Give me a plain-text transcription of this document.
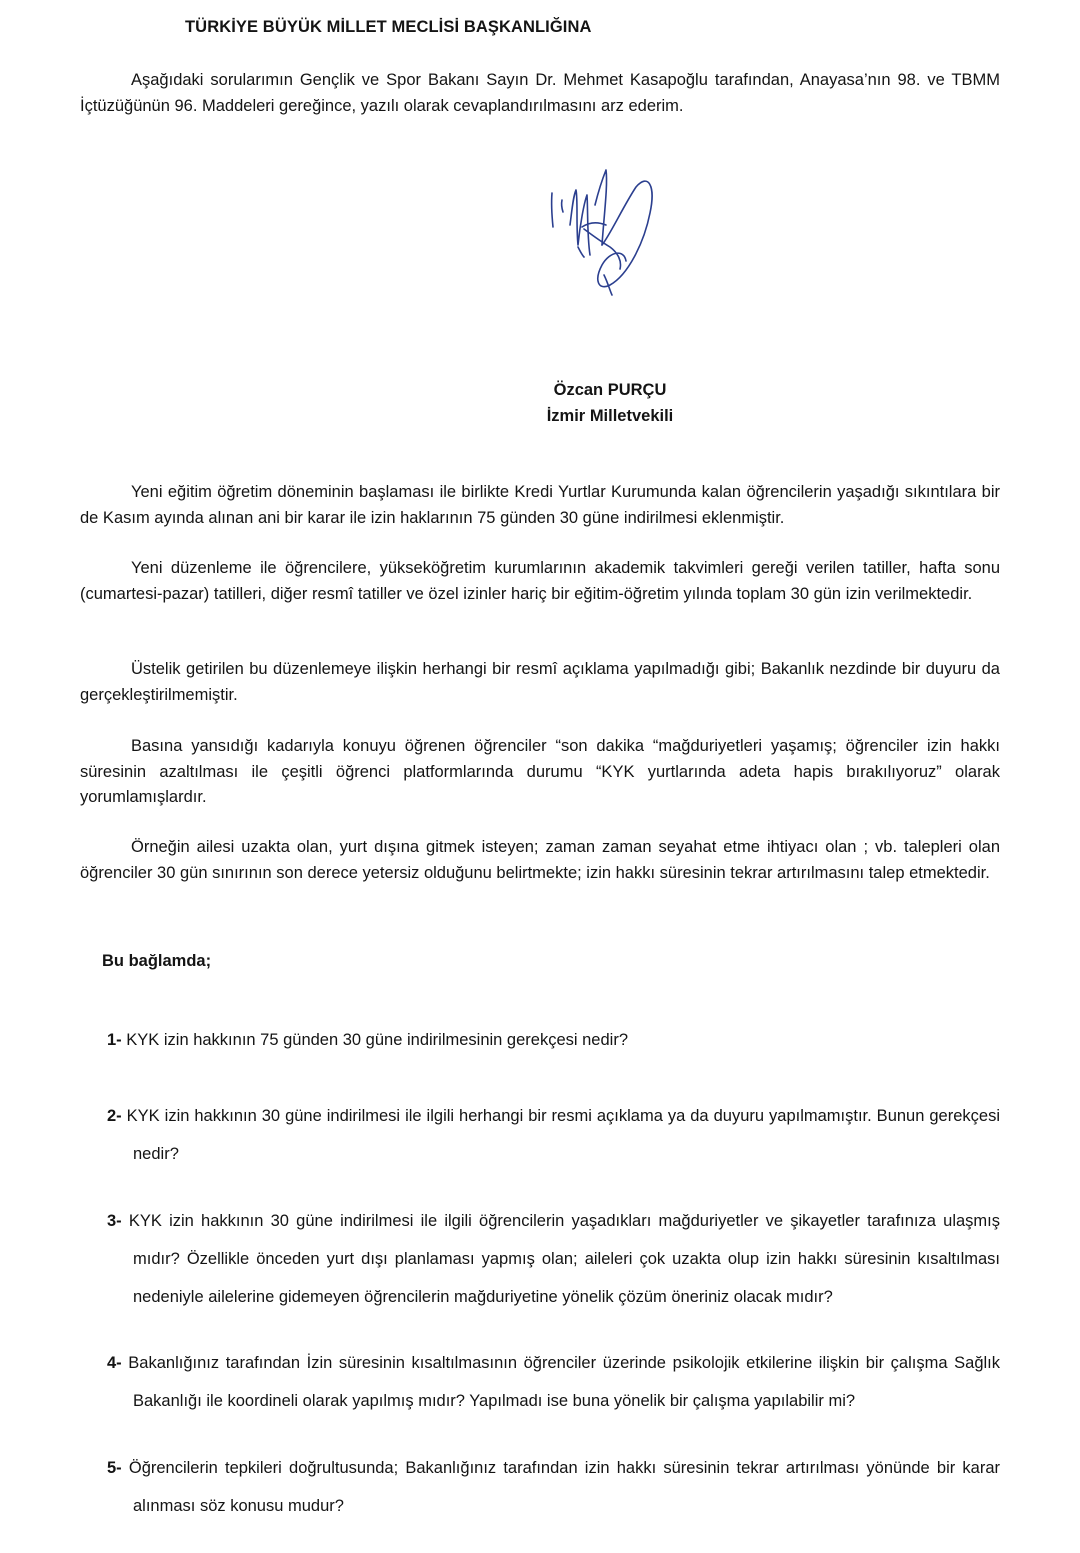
TÜRKİYE BÜYÜK MİLLET MECLİSİ BAŞKANLIĞINA
Aşağıdaki sorularımın Gençlik ve Spor Bakanı Sayın Dr. Mehmet Kasapoğlu tarafından, Anayasa’nın 98. ve TBMM İçtüzüğünün 96. Maddeleri gereğince, yazılı olarak cevaplandırılmasını arz ederim.
Özcan PURÇU
İzmir Milletvekili
Yeni eğitim öğretim döneminin başlaması ile birlikte Kredi Yurtlar Kurumunda kalan öğrencilerin yaşadığı sıkıntılara bir de Kasım ayında alınan ani bir karar ile izin haklarının 75 günden 30 güne indirilmesi eklenmiştir.
Yeni düzenleme ile öğrencilere, yükseköğretim kurumlarının akademik takvimleri gereği verilen tatiller, hafta sonu (cumartesi-pazar) tatilleri, diğer resmî tatiller ve özel izinler hariç bir eğitim-öğretim yılında toplam 30 gün izin verilmektedir.
Üstelik getirilen bu düzenlemeye ilişkin herhangi bir resmî açıklama yapılmadığı gibi; Bakanlık nezdinde bir duyuru da gerçekleştirilmemiştir.
Basına yansıdığı kadarıyla konuyu öğrenen öğrenciler “son dakika “mağduriyetleri yaşamış; öğrenciler izin hakkı süresinin azaltılması ile çeşitli öğrenci platformlarında durumu “KYK yurtlarında adeta hapis bırakılıyoruz” olarak yorumlamışlardır.
Örneğin ailesi uzakta olan, yurt dışına gitmek isteyen; zaman zaman seyahat etme ihtiyacı olan ; vb. talepleri olan öğrenciler 30 gün sınırının son derece yetersiz olduğunu belirtmekte; izin hakkı süresinin tekrar artırılmasını talep etmektedir.
Bu bağlamda;
1- KYK izin hakkının 75 günden 30 güne indirilmesinin gerekçesi nedir?
2- KYK izin hakkının 30 güne indirilmesi ile ilgili herhangi bir resmi açıklama ya da duyuru yapılmamıştır. Bunun gerekçesi nedir?
3- KYK izin hakkının 30 güne indirilmesi ile ilgili öğrencilerin yaşadıkları mağduriyetler ve şikayetler tarafınıza ulaşmış mıdır? Özellikle önceden yurt dışı planlaması yapmış olan; aileleri çok uzakta olup izin hakkı süresinin kısaltılması nedeniyle ailelerine gidemeyen öğrencilerin mağduriyetine yönelik çözüm öneriniz olacak mıdır?
4- Bakanlığınız tarafından İzin süresinin kısaltılmasının öğrenciler üzerinde psikolojik etkilerine ilişkin bir çalışma Sağlık Bakanlığı ile koordineli olarak yapılmış mıdır? Yapılmadı ise buna yönelik bir çalışma yapılabilir mi?
5- Öğrencilerin tepkileri doğrultusunda; Bakanlığınız tarafından izin hakkı süresinin tekrar artırılması yönünde bir karar alınması söz konusu mudur?
